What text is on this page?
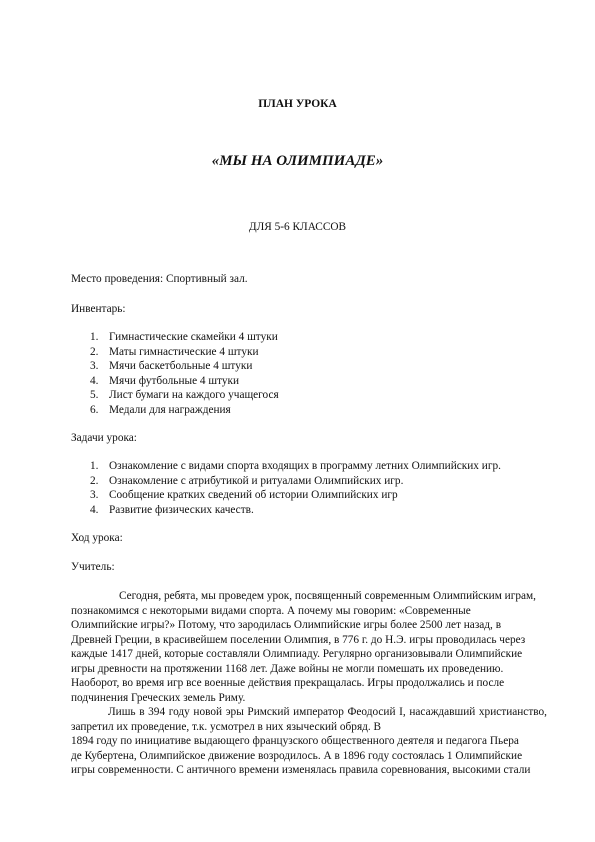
ПЛАН УРОКА
«МЫ НА ОЛИМПИАДЕ»
ДЛЯ 5-6 КЛАССОВ
Место проведения: Спортивный зал.
Инвентарь:
1. Гимнастические скамейки 4 штуки
2. Маты гимнастические 4 штуки
3. Мячи баскетбольные 4 штуки
4. Мячи футбольные 4 штуки
5. Лист бумаги на каждого учащегося
6. Медали для награждения
Задачи урока:
1. Ознакомление с видами спорта входящих в программу летних Олимпийских игр.
2. Ознакомление с атрибутикой и ритуалами Олимпийских игр.
3. Сообщение кратких сведений об истории Олимпийских игр
4. Развитие физических качеств.
Ход урока:
Учитель:
Сегодня, ребята, мы проведем урок, посвященный современным Олимпийским играм,
познакомимся с некоторыми видами спорта. А почему мы говорим: «Современные
Олимпийские игры?» Потому, что зародилась Олимпийские игры более 2500 лет назад, в
Древней Греции, в красивейшем поселении Олимпия, в 776 г. до Н.Э. игры проводилась через
каждые 1417 дней, которые составляли Олимпиаду. Регулярно организовывали Олимпийские
игры древности на протяжении 1168 лет. Даже войны не могли помешать их проведению.
Наоборот, во время игр все военные действия прекращалась. Игры продолжались и после
подчинения Греческих земель Риму.
Лишь в 394 году новой эры Римский император Феодосий I, насаждавший христианство, запретил их проведение, т.к. усмотрел в них языческий обряд. В
1894 году по инициативе выдающего французского общественного деятеля и педагога Пьера
де Кубертена, Олимпийское движение возродилось. А в 1896 году состоялась 1 Олимпийские
игры современности. С античного времени изменялась правила соревнования, высокими стали
